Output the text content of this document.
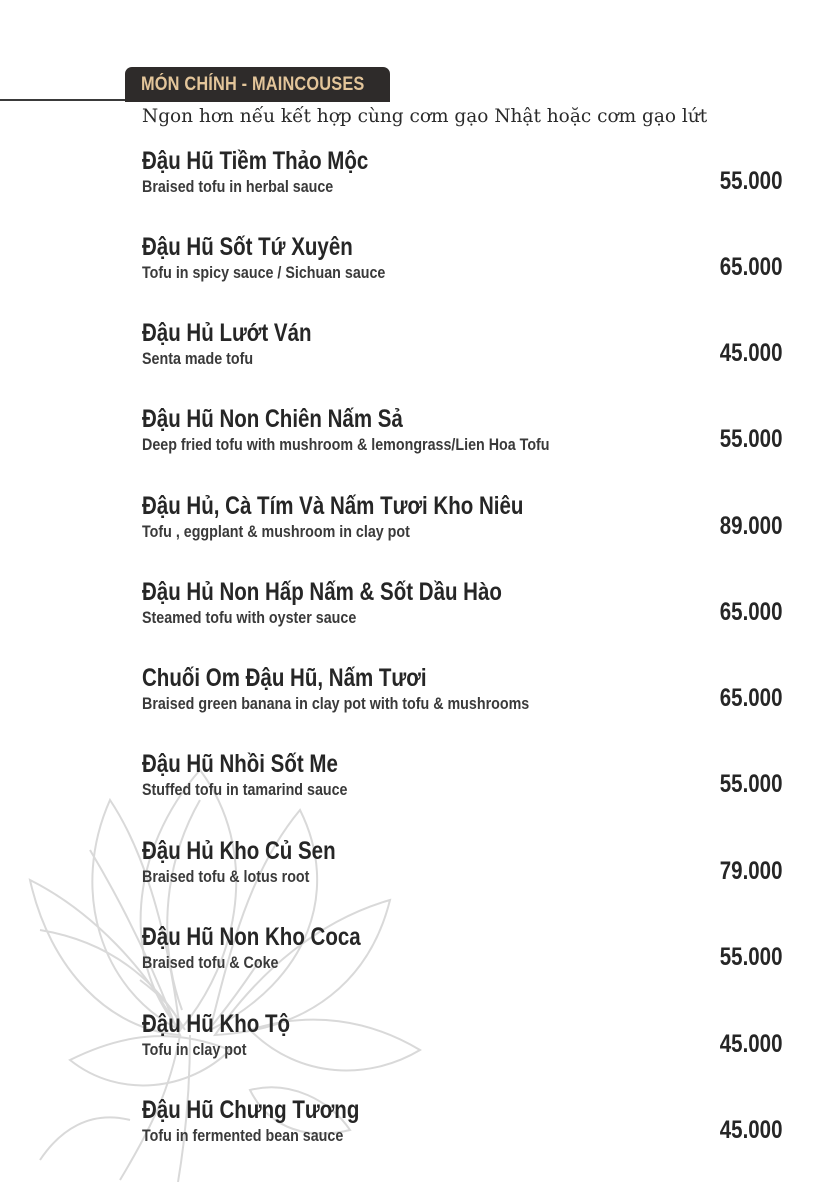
MÓN CHÍNH - MAINCOUSES
Ngon hơn nếu kết hợp cùng cơm gạo Nhật hoặc cơm gạo lứt
Đậu Hũ Tiềm Thảo Mộc
Braised tofu in herbal sauce	55.000
Đậu Hũ Sốt Tứ Xuyên
Tofu in spicy sauce / Sichuan sauce	65.000
Đậu Hủ Lướt Ván
Senta made tofu	45.000
Đậu Hũ Non Chiên Nấm Sả
Deep fried tofu with mushroom & lemongrass/Lien Hoa Tofu	55.000
Đậu Hủ, Cà Tím Và Nấm Tươi Kho Niêu
Tofu , eggplant & mushroom in clay pot	89.000
Đậu Hủ Non Hấp Nấm & Sốt Dầu Hào
Steamed tofu with oyster sauce	65.000
Chuối Om Đậu Hũ, Nấm Tươi
Braised green banana in clay pot with tofu & mushrooms	65.000
Đậu Hũ Nhồi Sốt Me
Stuffed tofu in tamarind sauce	55.000
Đậu Hủ Kho Củ Sen
Braised tofu & lotus root	79.000
Đậu Hũ Non Kho Coca
Braised tofu & Coke	55.000
Đậu Hũ Kho Tộ
Tofu in clay pot	45.000
Đậu Hũ Chưng Tương
Tofu in fermented bean sauce	45.000
